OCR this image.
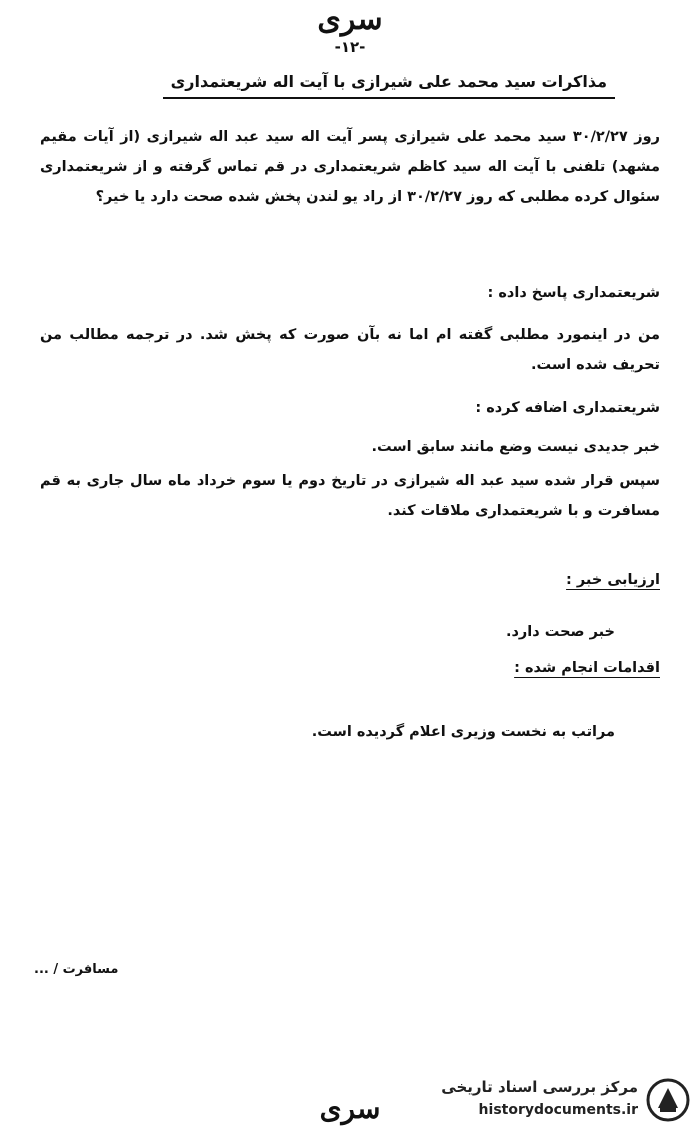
سری
-۱۲-
مذاکرات سید محمد علی شیرازی با آیت اله شریعتمداری
روز ۳۰/۲/۲۷ سید محمد علی شیرازی پسر آیت اله سید عبد اله شیرازی (از آیات مقیم مشهد) تلفنی با آیت اله سید کاظم شریعتمداری در قم تماس گرفته و از شریعتمداری سئوال کرده مطلبی که روز ۳۰/۲/۲۷ از راد یو لندن پخش شده صحت دارد یا خیر؟
شریعتمداری پاسخ داده :
من در اینمورد مطلبی گفته ام اما نه بآن صورت که پخش شد. در ترجمه مطالب من تحریف شده است.
شریعتمداری اضافه کرده :
خبر جدیدی نیست وضع مانند سابق است.
سپس قرار شده سید عبد اله شیرازی در تاریخ دوم یا سوم خرداد ماه سال جاری به قم مسافرت و با شریعتمداری ملاقات کند.
ارزیابی خبر :
خبر صحت دارد.
اقدامات انجام شده :
مراتب به نخست وزیری اعلام گردیده است.
مسافرت / ...
سری
مرکز بررسی اسناد تاریخی
historydocuments.ir
